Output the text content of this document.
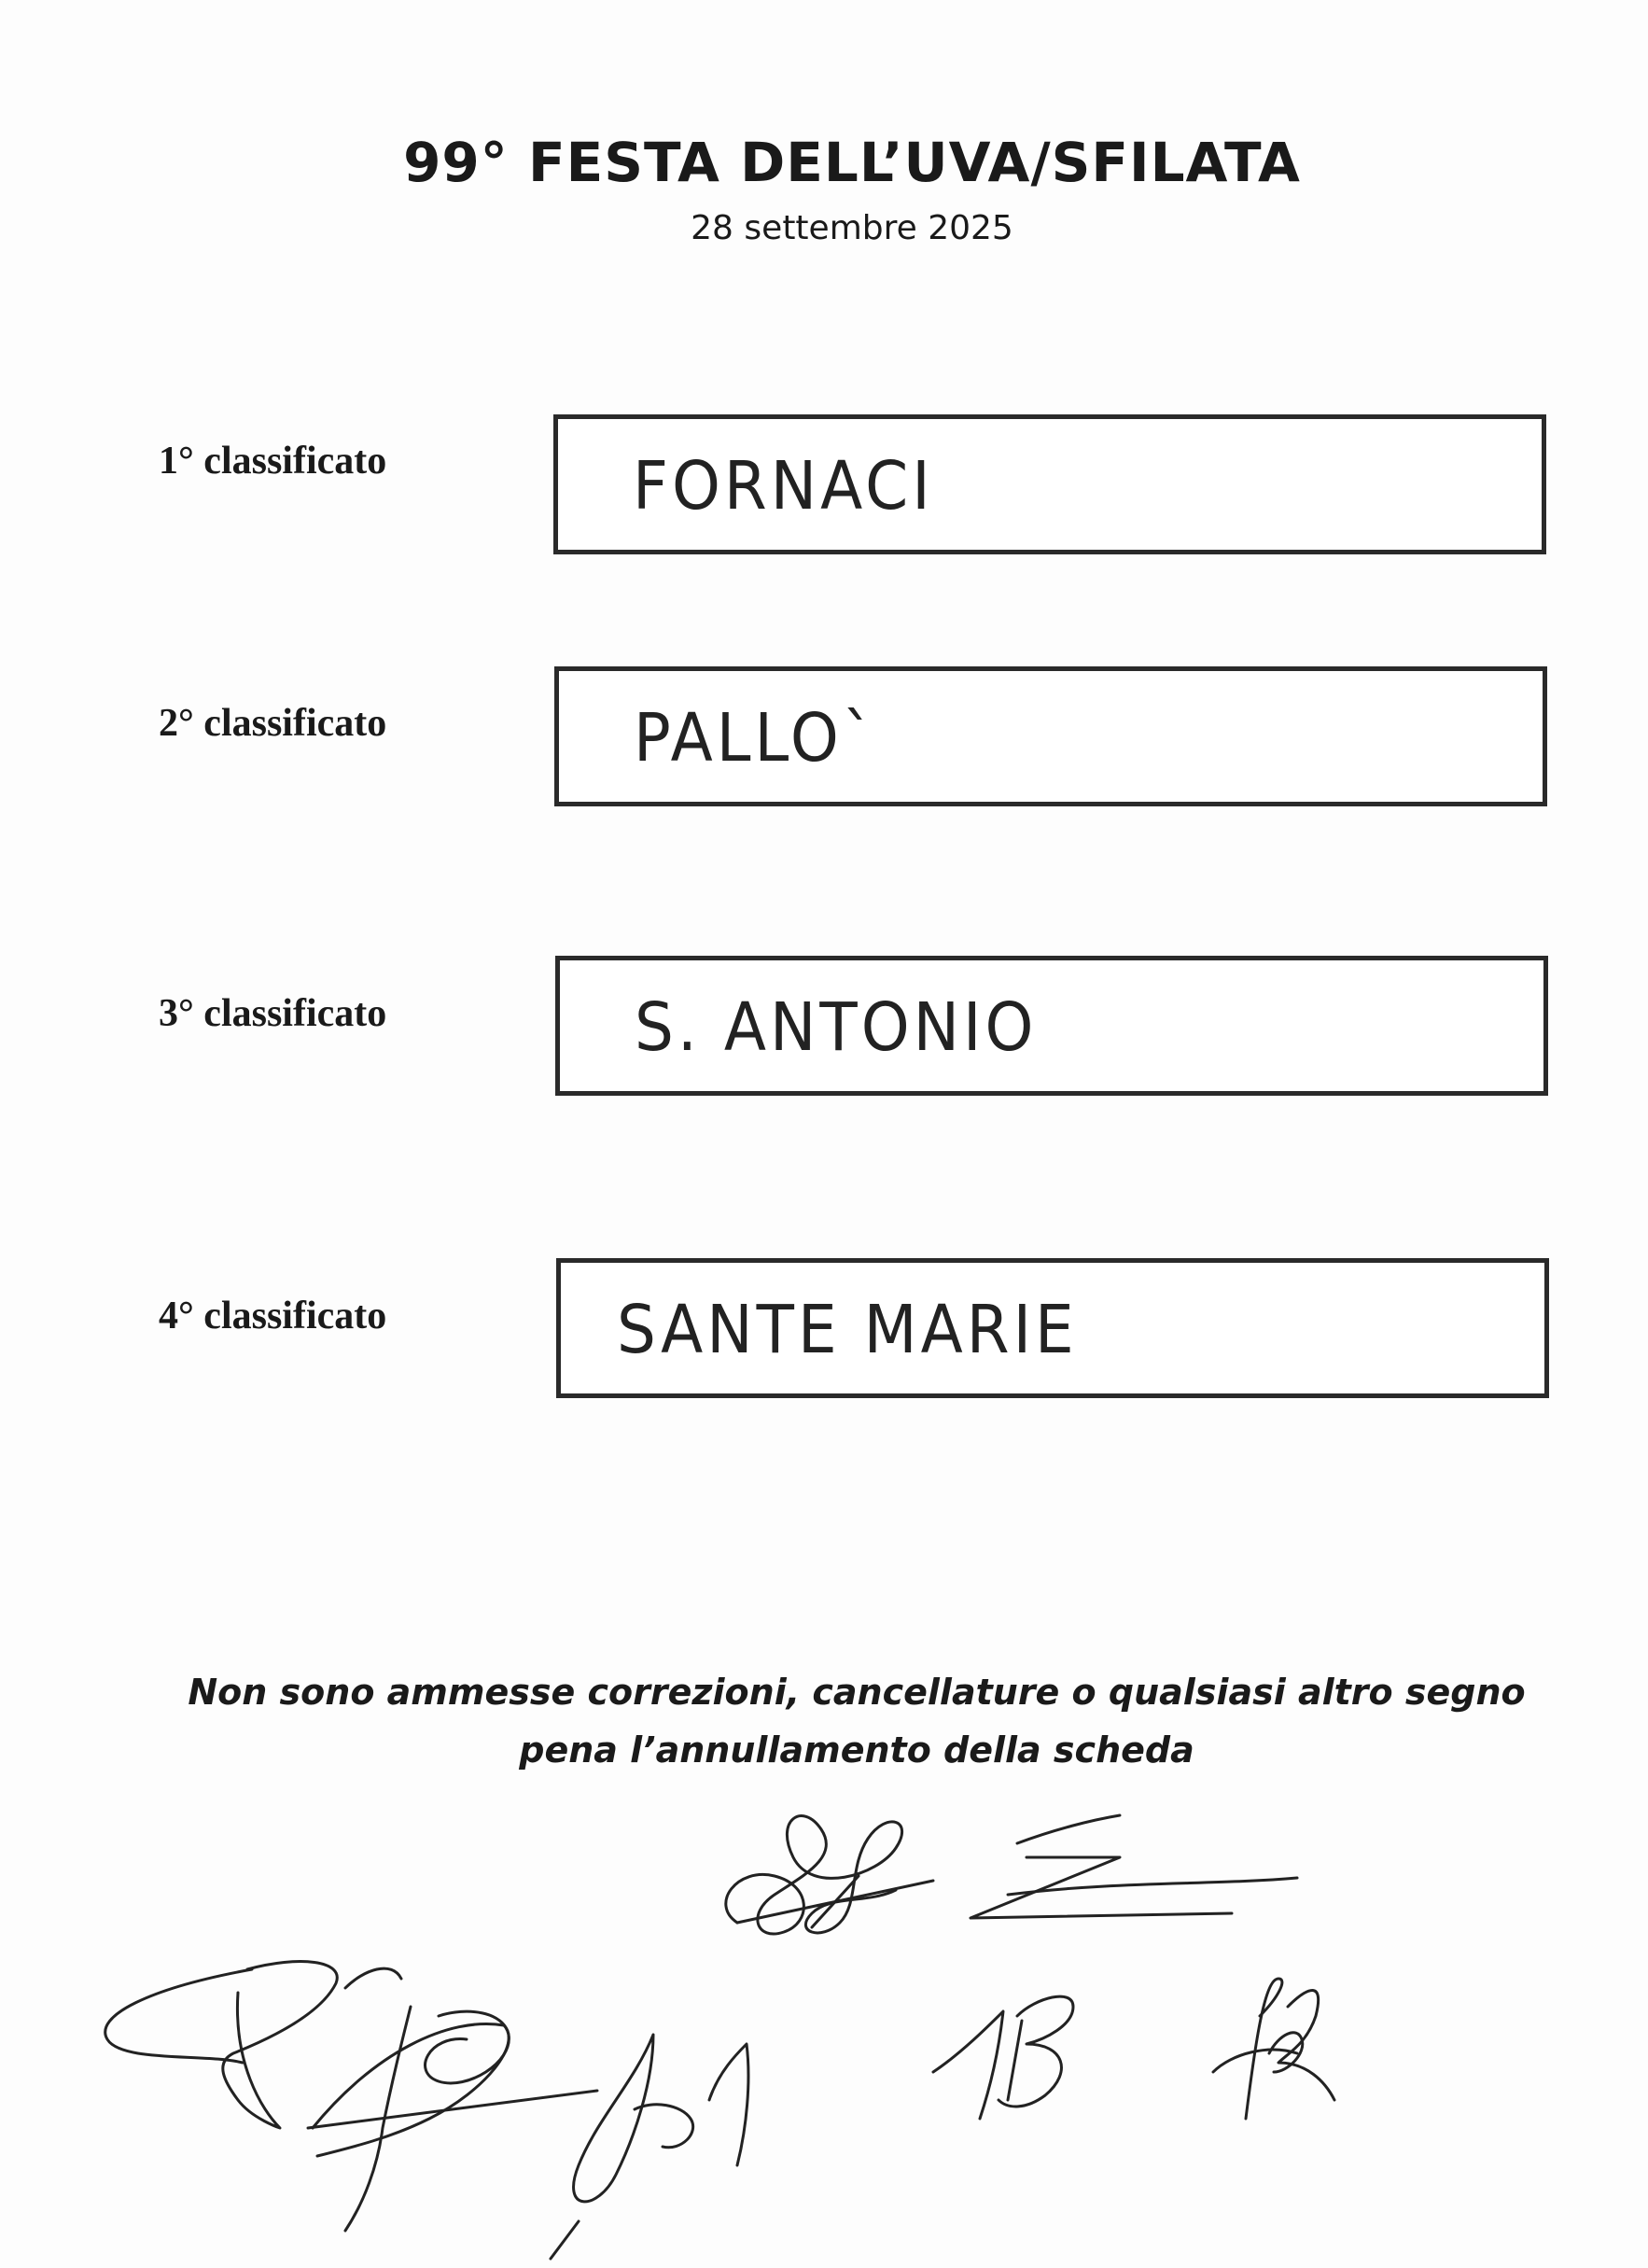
99° FESTA DELL’UVA/SFILATA
28 settembre 2025
1° classificato	FORNACI
2° classificato	PALLO`
3° classificato	S. ANTONIO
4° classificato	SANTE MARIE
Non sono ammesse correzioni, cancellature o qualsiasi altro segno
pena l’annullamento della scheda
